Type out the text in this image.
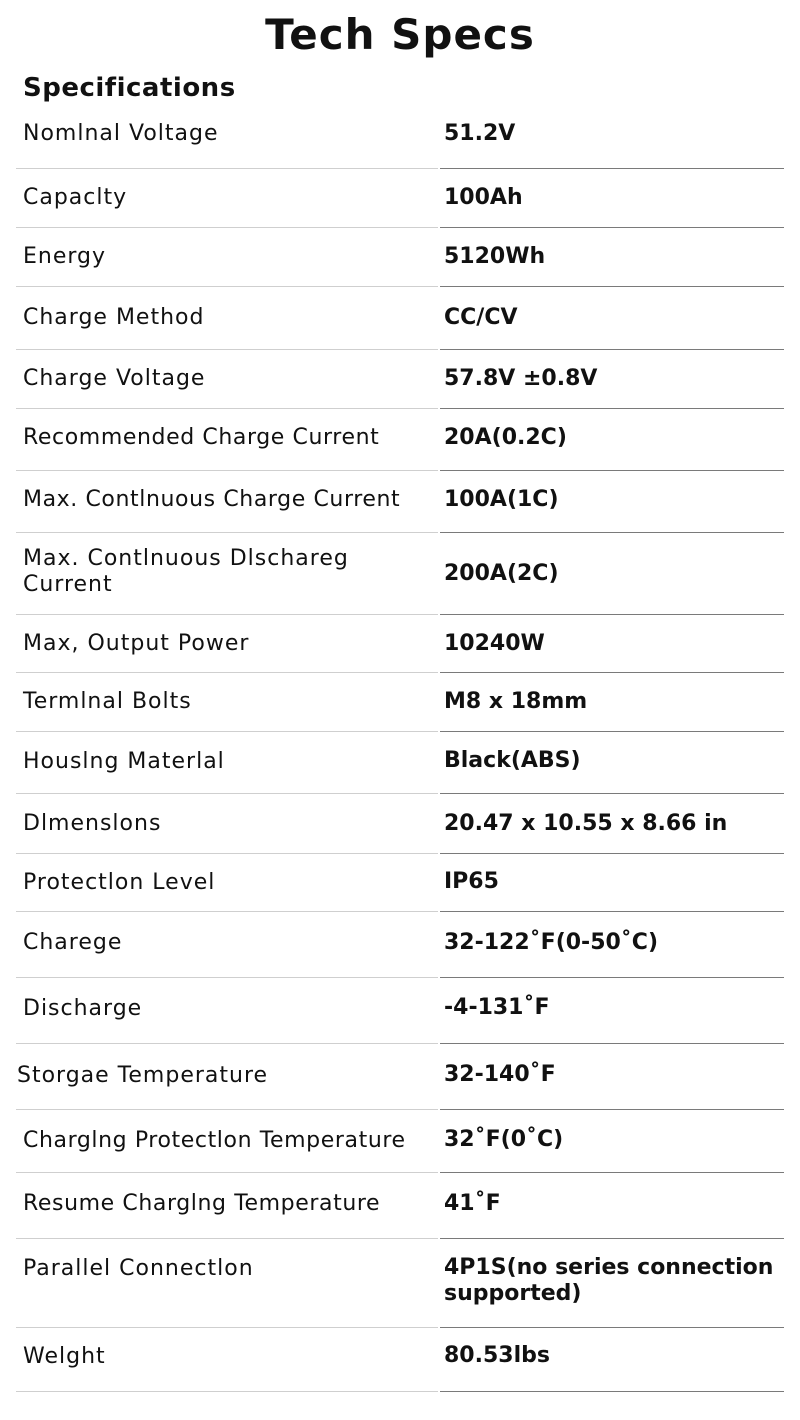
Tech Specs
Specifications
Nomlnal Voltage	51.2V
Capaclty	100Ah
Energy	5120Wh
Charge Method	CC/CV
Charge Voltage	57.8V ±0.8V
Recommended Charge Current	20A(0.2C)
Max. Contlnuous Charge Current	100A(1C)
Max. Contlnuous Dlschareg Current	200A(2C)
Max, Output Power	10240W
Termlnal Bolts	M8 x 18mm
Houslng Materlal	Black(ABS)
Dlmenslons	20.47 x 10.55 x 8.66 in
Protectlon Level	IP65
Charege	32-122˚F(0-50˚C)
Discharge	-4-131˚F
Storgae Temperature	32-140˚F
Charglng Protectlon Temperature	32˚F(0˚C)
Resume Charglng Temperature	41˚F
Parallel Connectlon	4P1S(no series connection supported)
Welght	80.53lbs
